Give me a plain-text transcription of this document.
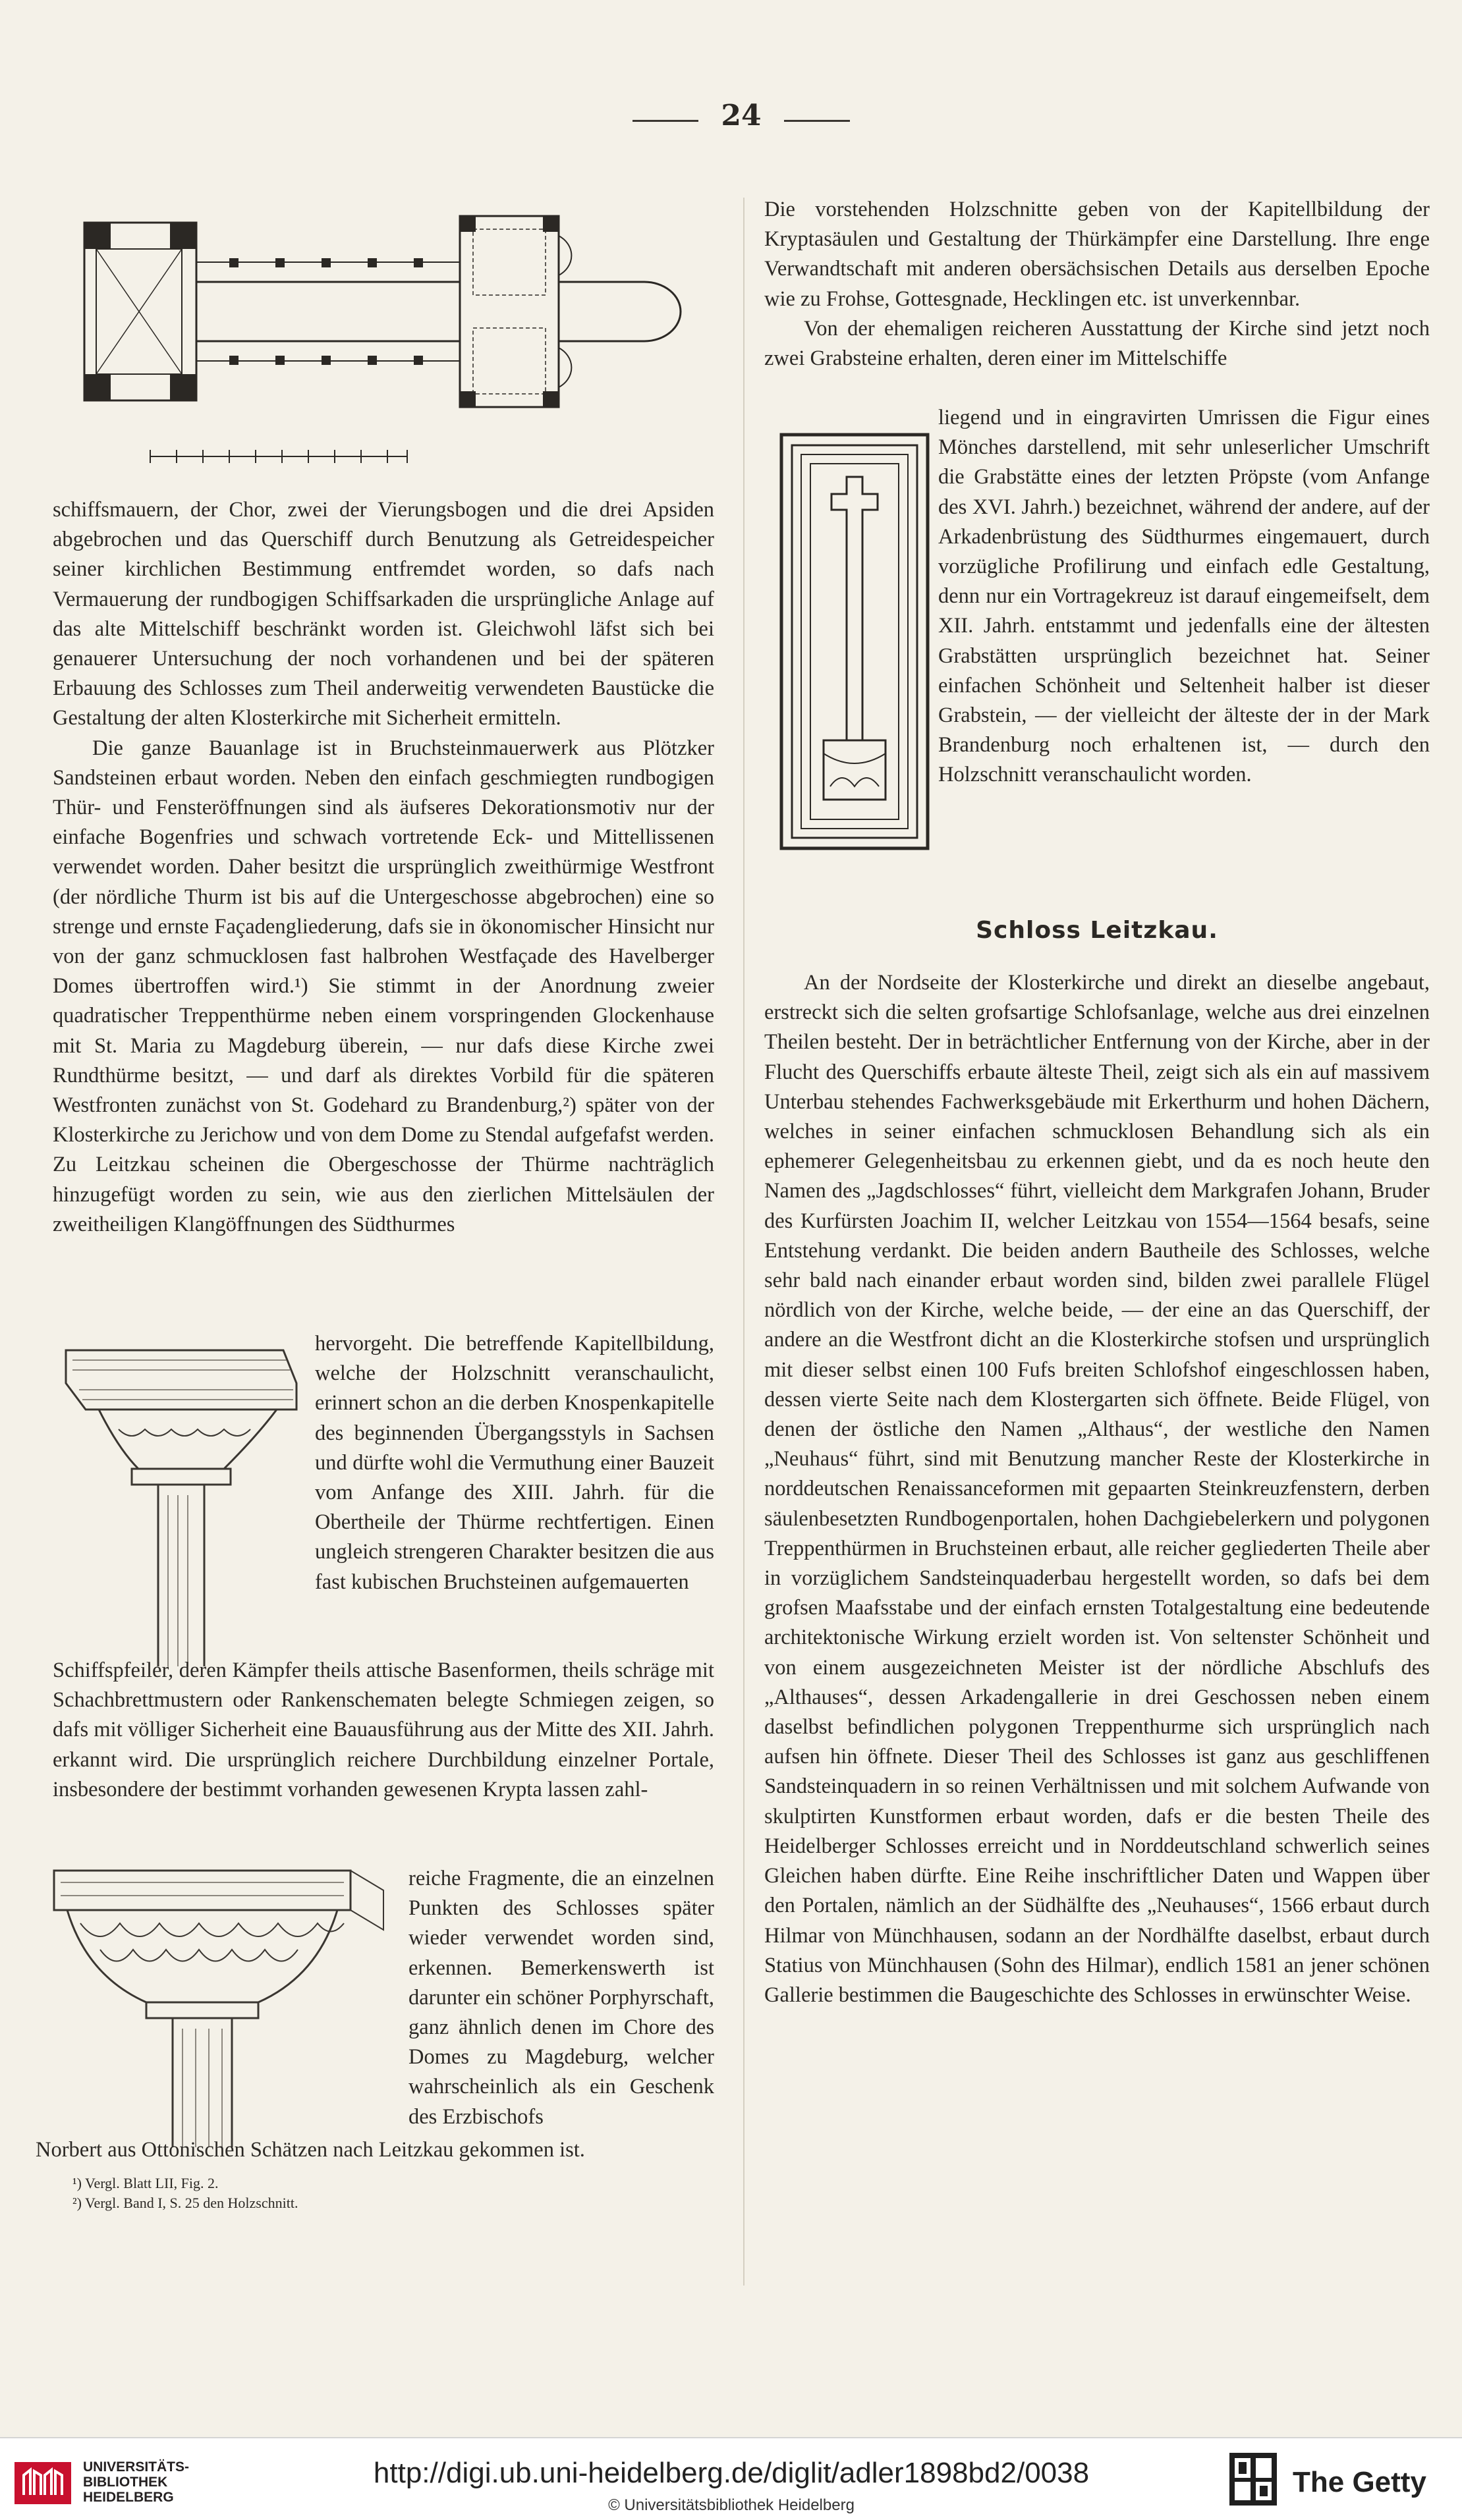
24

schiffsmauern, der Chor, zwei der Vierungsbogen und die drei Apsiden abgebrochen und das Querschiff durch Benutzung als Getreidespeicher seiner kirchlichen Bestimmung entfremdet worden, so dafs nach Vermauerung der rundbogigen Schiffsarkaden die ursprüngliche Anlage auf das alte Mittelschiff beschränkt worden ist. Gleichwohl läfst sich bei genauerer Untersuchung der noch vorhandenen und bei der späteren Erbauung des Schlosses zum Theil anderweitig verwendeten Baustücke die Gestaltung der alten Klosterkirche mit Sicherheit ermitteln.

Die ganze Bauanlage ist in Bruchsteinmauerwerk aus Plötzker Sandsteinen erbaut worden. Neben den einfach geschmiegten rundbogigen Thür- und Fensteröffnungen sind als äufseres Dekorationsmotiv nur der einfache Bogenfries und schwach vortretende Eck- und Mittellissenen verwendet worden. Daher besitzt die ursprünglich zweithürmige Westfront (der nördliche Thurm ist bis auf die Untergeschosse abgebrochen) eine so strenge und ernste Façadengliederung, dafs sie in ökonomischer Hinsicht nur von der ganz schmucklosen fast halbrohen Westfaçade des Havelberger Domes übertroffen wird.¹) Sie stimmt in der Anordnung zweier quadratischer Treppenthürme neben einem vorspringenden Glockenhause mit St. Maria zu Magdeburg überein, — nur dafs diese Kirche zwei Rundthürme besitzt, — und darf als direktes Vorbild für die späteren Westfronten zunächst von St. Godehard zu Brandenburg,²) später von der Klosterkirche zu Jerichow und von dem Dome zu Stendal aufgefafst werden. Zu Leitzkau scheinen die Obergeschosse der Thürme nachträglich hinzugefügt worden zu sein, wie aus den zierlichen Mittelsäulen der zweitheiligen Klangöffnungen des Südthurmes

hervorgeht. Die betreffende Kapitellbildung, welche der Holzschnitt veranschaulicht, erinnert schon an die derben Knospenkapitelle des beginnenden Übergangsstyls in Sachsen und dürfte wohl die Vermuthung einer Bauzeit vom Anfange des XIII. Jahrh. für die Obertheile der Thürme rechtfertigen. Einen ungleich strengeren Charakter besitzen die aus fast kubischen Bruchsteinen aufgemauerten

Schiffspfeiler, deren Kämpfer theils attische Basenformen, theils schräge mit Schachbrettmustern oder Rankenschematen belegte Schmiegen zeigen, so dafs mit völliger Sicherheit eine Bauausführung aus der Mitte des XII. Jahrh. erkannt wird. Die ursprünglich reichere Durchbildung einzelner Portale, insbesondere der bestimmt vorhanden gewesenen Krypta lassen zahl-

reiche Fragmente, die an einzelnen Punkten des Schlosses später wieder verwendet worden sind, erkennen. Bemerkenswerth ist darunter ein schöner Porphyrschaft, ganz ähnlich denen im Chore des Domes zu Magdeburg, welcher wahrscheinlich als ein Geschenk des Erzbischofs

Norbert aus Ottonischen Schätzen nach Leitzkau gekommen ist.

¹) Vergl. Blatt LII, Fig. 2.
²) Vergl. Band I, S. 25 den Holzschnitt.

Die vorstehenden Holzschnitte geben von der Kapitellbildung der Kryptasäulen und Gestaltung der Thürkämpfer eine Darstellung. Ihre enge Verwandtschaft mit anderen obersächsischen Details aus derselben Epoche wie zu Frohse, Gottesgnade, Hecklingen etc. ist unverkennbar.

Von der ehemaligen reicheren Ausstattung der Kirche sind jetzt noch zwei Grabsteine erhalten, deren einer im Mittelschiffe

liegend und in eingravirten Umrissen die Figur eines Mönches darstellend, mit sehr unleserlicher Umschrift die Grabstätte eines der letzten Pröpste (vom Anfange des XVI. Jahrh.) bezeichnet, während der andere, auf der Arkadenbrüstung des Südthurmes eingemauert, durch vorzügliche Profilirung und einfach edle Gestaltung, denn nur ein Vortragekreuz ist darauf eingemeifselt, dem XII. Jahrh. entstammt und jedenfalls eine der ältesten Grabstätten ursprünglich bezeichnet hat. Seiner einfachen Schönheit und Seltenheit halber ist dieser Grabstein, — der vielleicht der älteste der in der Mark Brandenburg noch erhaltenen ist, — durch den Holzschnitt veranschaulicht worden.

Schloss Leitzkau.

An der Nordseite der Klosterkirche und direkt an dieselbe angebaut, erstreckt sich die selten grofsartige Schlofsanlage, welche aus drei einzelnen Theilen besteht. Der in beträchtlicher Entfernung von der Kirche, aber in der Flucht des Querschiffs erbaute älteste Theil, zeigt sich als ein auf massivem Unterbau stehendes Fachwerksgebäude mit Erkerthurm und hohen Dächern, welches in seiner einfachen schmucklosen Behandlung sich als ein ephemerer Gelegenheitsbau zu erkennen giebt, und da es noch heute den Namen des „Jagdschlosses“ führt, vielleicht dem Markgrafen Johann, Bruder des Kurfürsten Joachim II, welcher Leitzkau von 1554—1564 besafs, seine Entstehung verdankt. Die beiden andern Bautheile des Schlosses, welche sehr bald nach einander erbaut worden sind, bilden zwei parallele Flügel nördlich von der Kirche, welche beide, — der eine an das Querschiff, der andere an die Westfront dicht an die Klosterkirche stofsen und ursprünglich mit dieser selbst einen 100 Fufs breiten Schlofshof eingeschlossen haben, dessen vierte Seite nach dem Klostergarten sich öffnete. Beide Flügel, von denen der östliche den Namen „Althaus“, der westliche den Namen „Neuhaus“ führt, sind mit Benutzung mancher Reste der Klosterkirche in norddeutschen Renaissanceformen mit gepaarten Steinkreuzfenstern, derben säulenbesetzten Rundbogenportalen, hohen Dachgiebelerkern und polygonen Treppenthürmen in Bruchsteinen erbaut, alle reicher gegliederten Theile aber in vorzüglichem Sandsteinquaderbau hergestellt worden, so dafs bei dem grofsen Maafsstabe und der einfach ernsten Totalgestaltung eine bedeutende architektonische Wirkung erzielt worden ist. Von seltenster Schönheit und von einem ausgezeichneten Meister ist der nördliche Abschlufs des „Althauses“, dessen Arkadengallerie in drei Geschossen neben einem daselbst befindlichen polygonen Treppenthurme sich ursprünglich nach aufsen hin öffnete. Dieser Theil des Schlosses ist ganz aus geschliffenen Sandsteinquadern in so reinen Verhältnissen und mit solchem Aufwande von skulptirten Kunstformen erbaut worden, dafs er die besten Theile des Heidelberger Schlosses erreicht und in Norddeutschland schwerlich seines Gleichen haben dürfte. Eine Reihe inschriftlicher Daten und Wappen über den Portalen, nämlich an der Südhälfte des „Neuhauses“, 1566 erbaut durch Hilmar von Münchhausen, sodann an der Nordhälfte daselbst, erbaut durch Statius von Münchhausen (Sohn des Hilmar), endlich 1581 an jener schönen Gallerie bestimmen die Baugeschichte des Schlosses in erwünschter Weise.

UNIVERSITÄTS-
BIBLIOTHEK
HEIDELBERG
http://digi.ub.uni-heidelberg.de/diglit/adler1898bd2/0038
© Universitätsbibliothek Heidelberg
The Getty
